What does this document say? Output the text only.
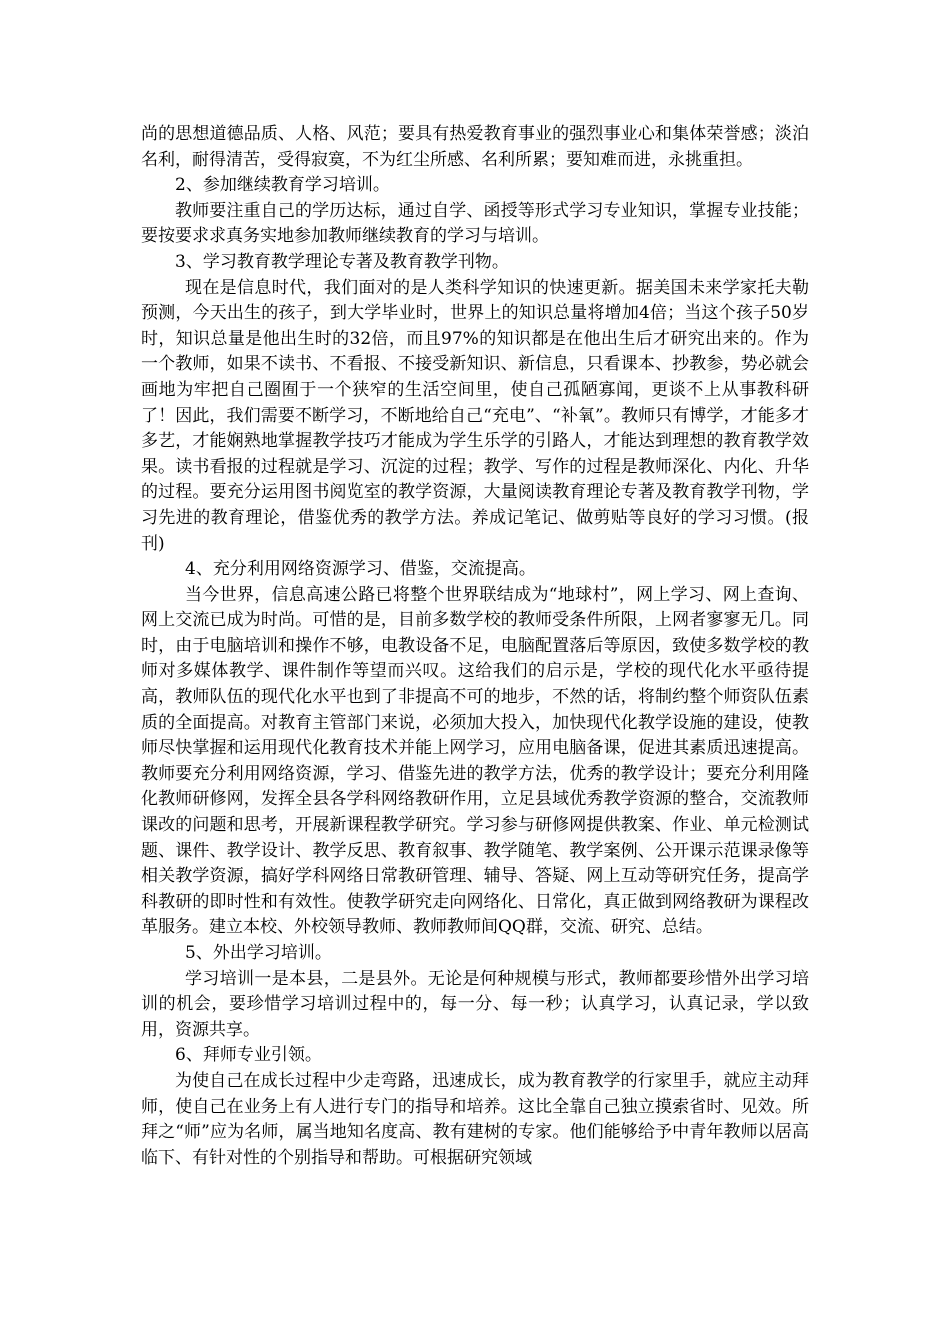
尚的思想道德品质、人格、风范；要具有热爱教育事业的强烈事业心和集体荣誉感；淡泊名利，耐得清苦，受得寂寞，不为红尘所感、名利所累；要知难而进，永挑重担。

2、参加继续教育学习培训。

教师要注重自己的学历达标，通过自学、函授等形式学习专业知识，掌握专业技能；要按要求求真务实地参加教师继续教育的学习与培训。

3、学习教育教学理论专著及教育教学刊物。

现在是信息时代，我们面对的是人类科学知识的快速更新。据美国未来学家托夫勒预测，今天出生的孩子，到大学毕业时，世界上的知识总量将增加4倍；当这个孩子50岁时，知识总量是他出生时的32倍，而且97%的知识都是在他出生后才研究出来的。作为一个教师，如果不读书、不看报、不接受新知识、新信息，只看课本、抄教参，势必就会画地为牢把自己圈囿于一个狭窄的生活空间里，使自己孤陋寡闻，更谈不上从事教科研了！因此，我们需要不断学习，不断地给自己“充电”、“补氧”。教师只有博学，才能多才多艺，才能娴熟地掌握教学技巧才能成为学生乐学的引路人，才能达到理想的教育教学效果。读书看报的过程就是学习、沉淀的过程；教学、写作的过程是教师深化、内化、升华的过程。要充分运用图书阅览室的教学资源，大量阅读教育理论专著及教育教学刊物，学习先进的教育理论，借鉴优秀的教学方法。养成记笔记、做剪贴等良好的学习习惯。(报刊)

4、充分利用网络资源学习、借鉴，交流提高。

当今世界，信息高速公路已将整个世界联结成为“地球村”，网上学习、网上查询、网上交流已成为时尚。可惜的是，目前多数学校的教师受条件所限，上网者寥寥无几。同时，由于电脑培训和操作不够，电教设备不足，电脑配置落后等原因，致使多数学校的教师对多媒体教学、课件制作等望而兴叹。这给我们的启示是，学校的现代化水平亟待提高，教师队伍的现代化水平也到了非提高不可的地步，不然的话，将制约整个师资队伍素质的全面提高。对教育主管部门来说，必须加大投入，加快现代化教学设施的建设，使教师尽快掌握和运用现代化教育技术并能上网学习，应用电脑备课，促进其素质迅速提高。教师要充分利用网络资源，学习、借鉴先进的教学方法，优秀的教学设计；要充分利用隆化教师研修网，发挥全县各学科网络教研作用，立足县域优秀教学资源的整合，交流教师课改的问题和思考，开展新课程教学研究。学习参与研修网提供教案、作业、单元检测试题、课件、教学设计、教学反思、教育叙事、教学随笔、教学案例、公开课示范课录像等相关教学资源，搞好学科网络日常教研管理、辅导、答疑、网上互动等研究任务，提高学科教研的即时性和有效性。使教学研究走向网络化、日常化，真正做到网络教研为课程改革服务。建立本校、外校领导教师、教师教师间QQ群，交流、研究、总结。

5、外出学习培训。

学习培训一是本县，二是县外。无论是何种规模与形式，教师都要珍惜外出学习培训的机会，要珍惜学习培训过程中的，每一分、每一秒；认真学习，认真记录，学以致用，资源共享。

6、拜师专业引领。

为使自己在成长过程中少走弯路，迅速成长，成为教育教学的行家里手，就应主动拜师，使自己在业务上有人进行专门的指导和培养。这比全靠自己独立摸索省时、见效。所拜之“师”应为名师，属当地知名度高、教有建树的专家。他们能够给予中青年教师以居高临下、有针对性的个别指导和帮助。可根据研究领域
